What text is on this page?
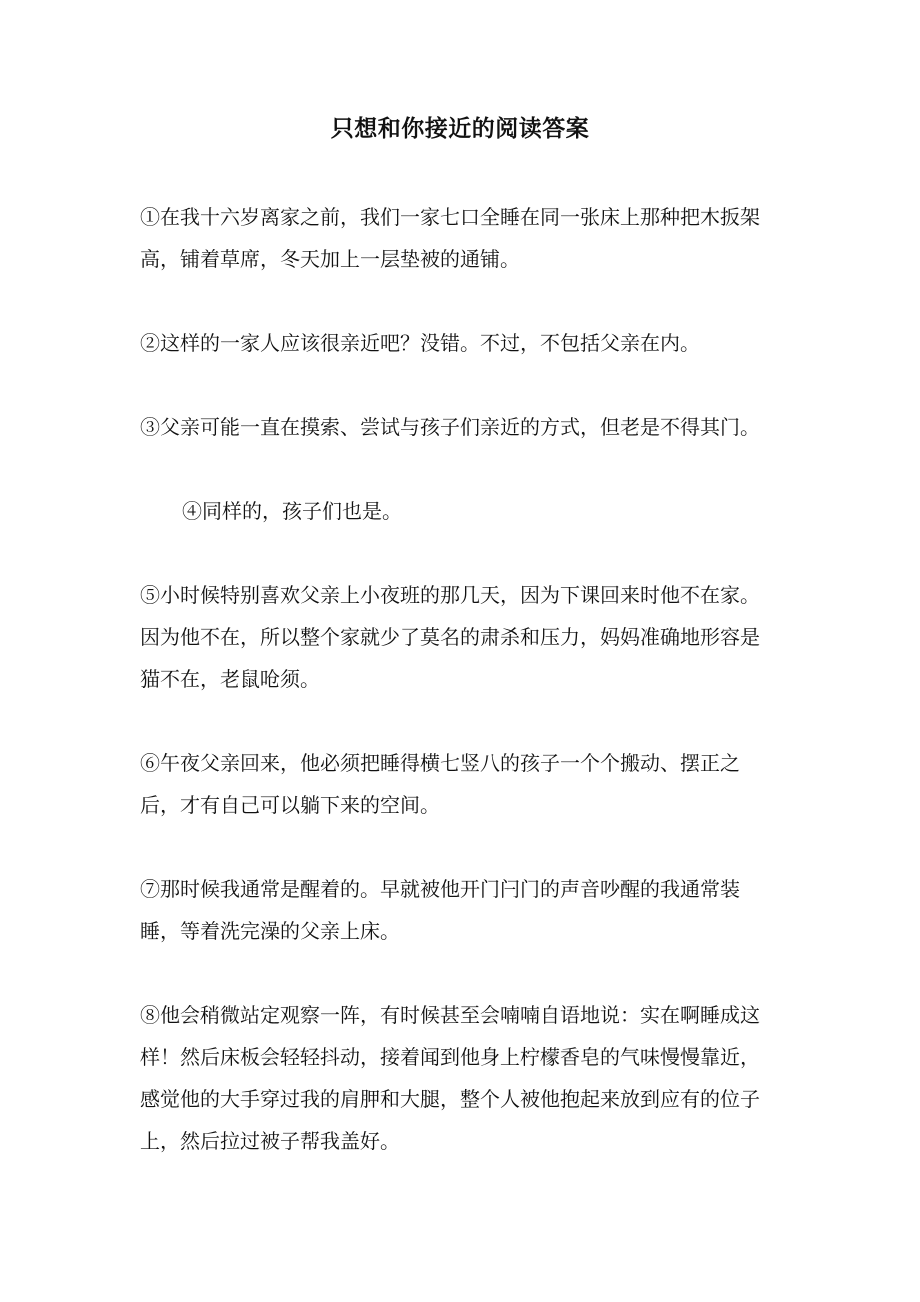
只想和你接近的阅读答案

①在我十六岁离家之前，我们一家七口全睡在同一张床上那种把木扳架高，铺着草席，冬天加上一层垫被的通铺。

②这样的一家人应该很亲近吧？没错。不过，不包括父亲在内。

③父亲可能一直在摸索、尝试与孩子们亲近的方式，但老是不得其门。

④同样的，孩子们也是。

⑤小时候特别喜欢父亲上小夜班的那几天，因为下课回来时他不在家。因为他不在，所以整个家就少了莫名的肃杀和压力，妈妈准确地形容是猫不在，老鼠呛须。

⑥午夜父亲回来，他必须把睡得横七竖八的孩子一个个搬动、摆正之后，才有自己可以躺下来的空间。

⑦那时候我通常是醒着的。早就被他开门闩门的声音吵醒的我通常装睡，等着洗完澡的父亲上床。

⑧他会稍微站定观察一阵，有时候甚至会喃喃自语地说：实在啊睡成这样！然后床板会轻轻抖动，接着闻到他身上柠檬香皂的气味慢慢靠近，感觉他的大手穿过我的肩胛和大腿，整个人被他抱起来放到应有的位子上，然后拉过被子帮我盖好。
